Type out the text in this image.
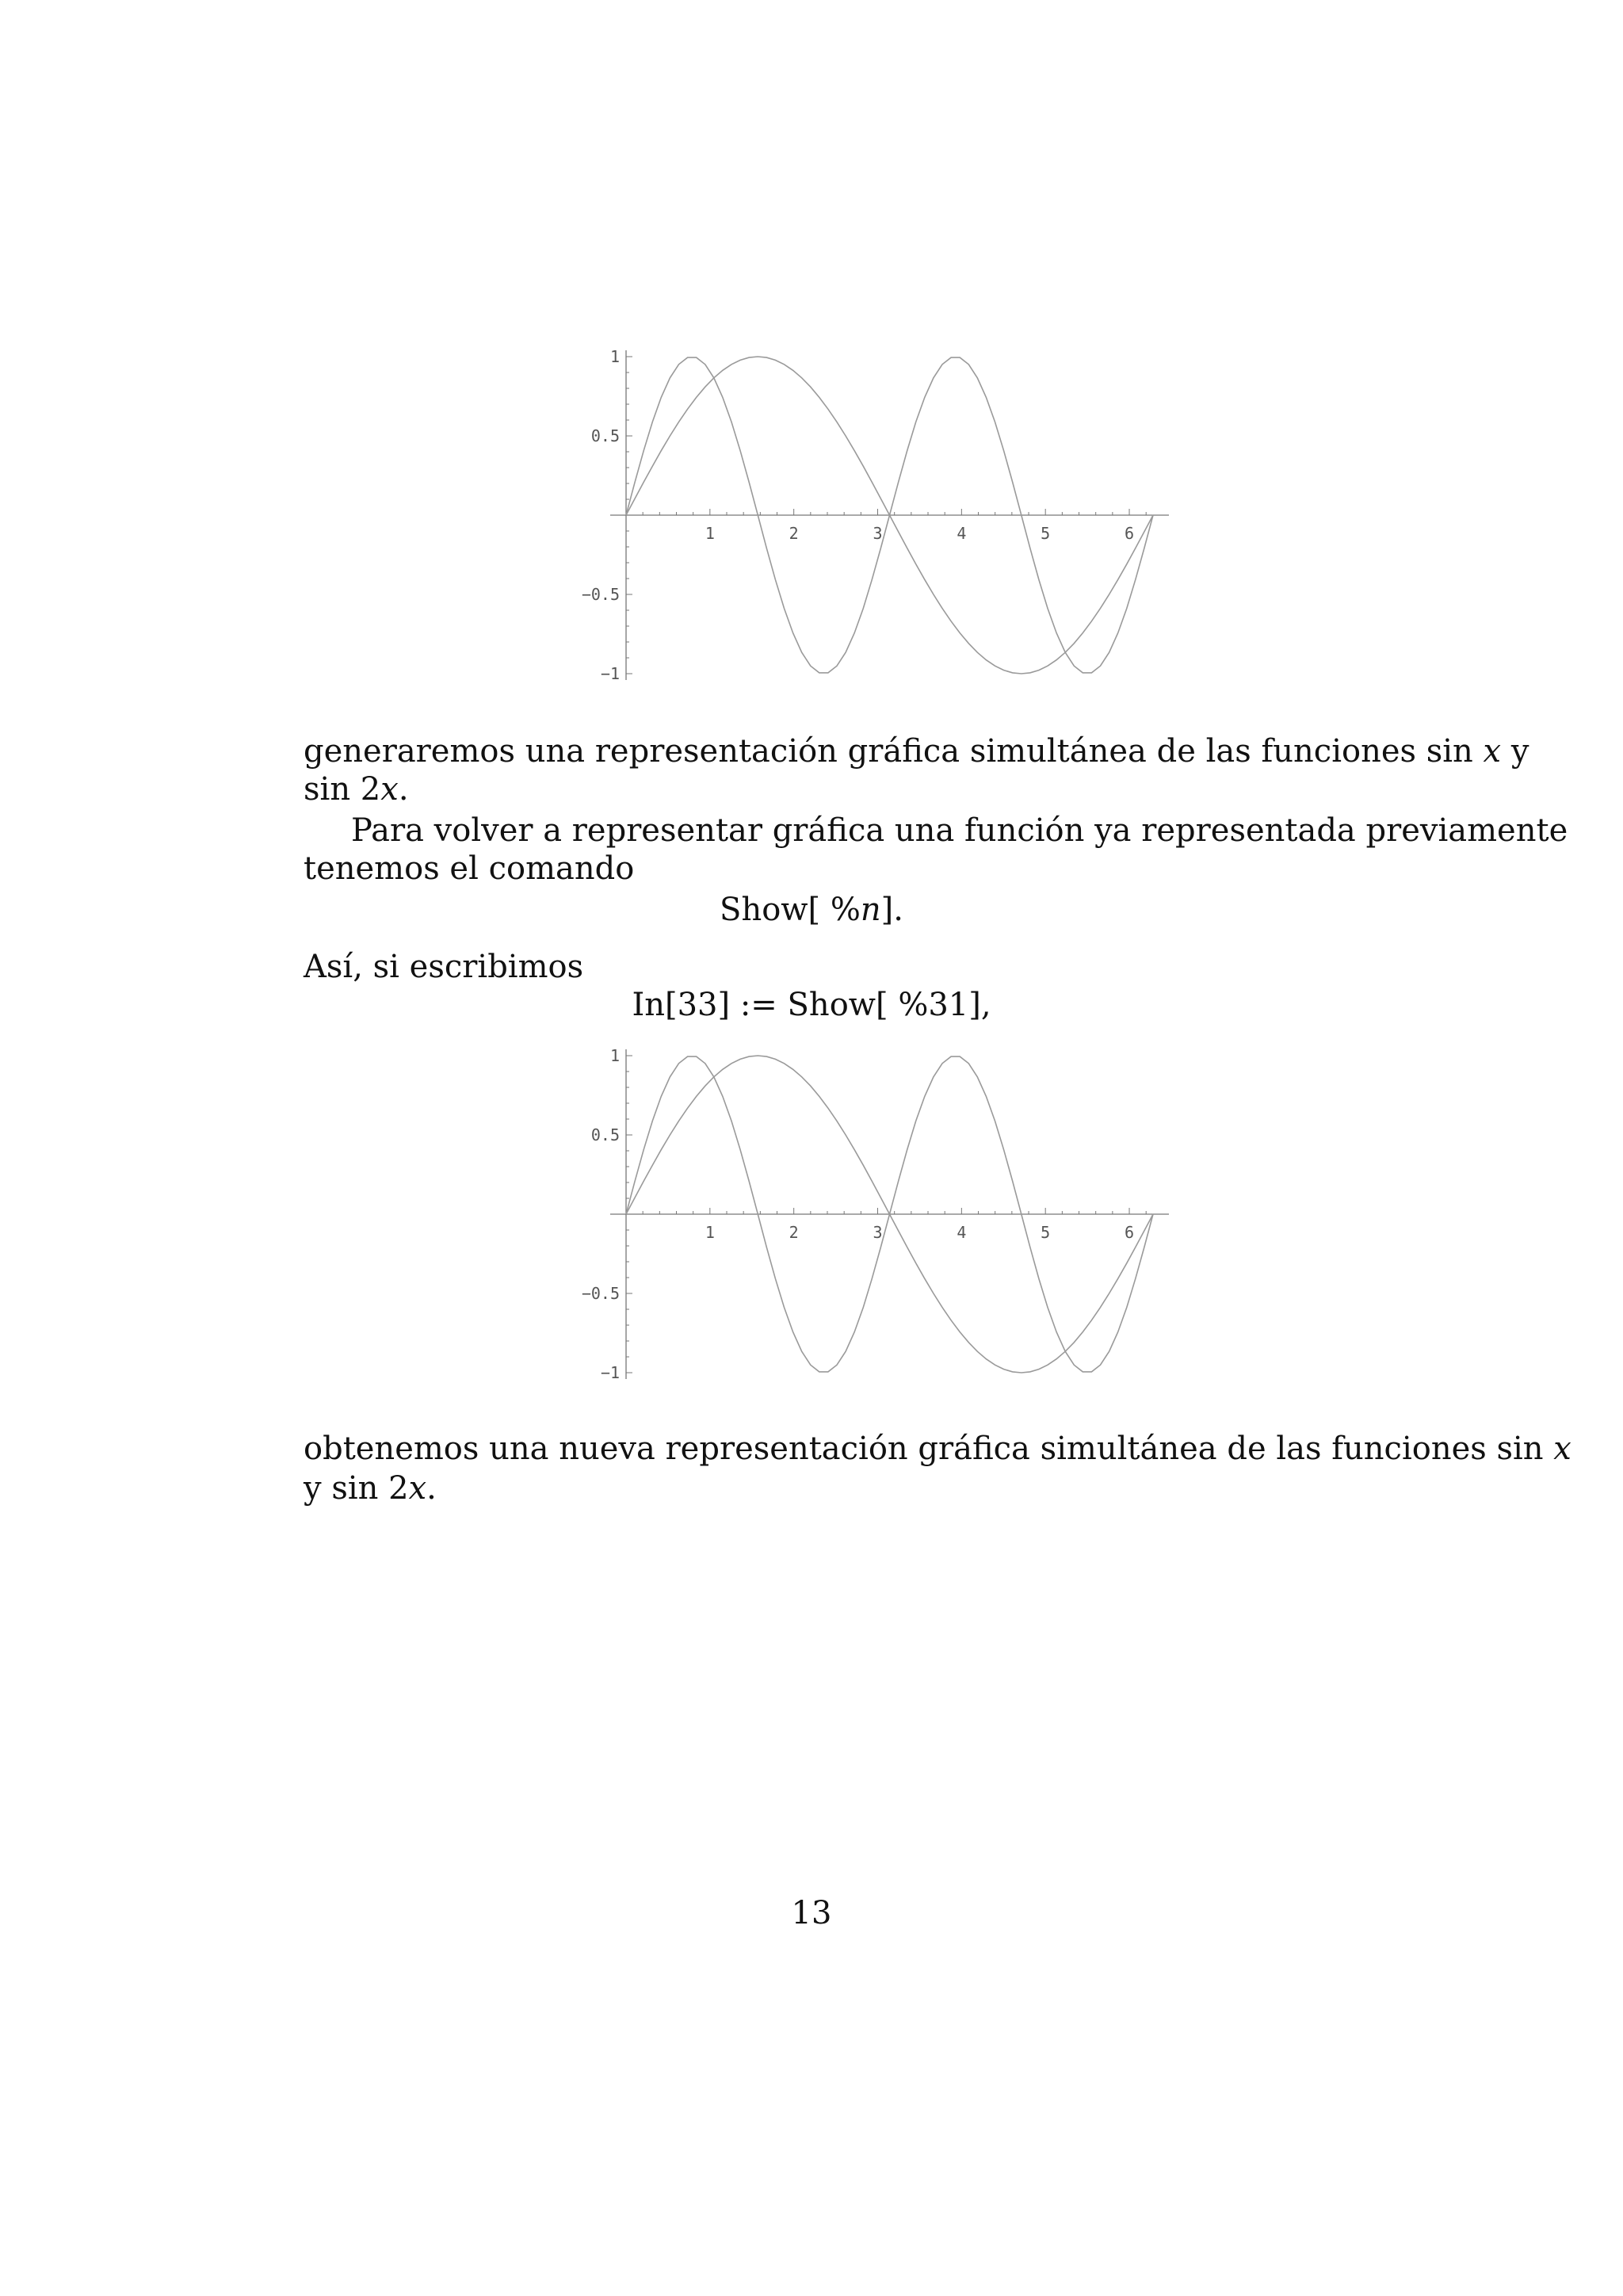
1	2	3	4	5	6
1
0.5
−0.5
−1
generaremos una representación gráfica simultánea de las funciones sin x y
sin 2x.
Para volver a representar gráfica una función ya representada previamente
tenemos el comando
Show[ %n].
Así, si escribimos
In[33] := Show[ %31],
1	2	3	4	5	6
1
0.5
−0.5
−1
obtenemos una nueva representación gráfica simultánea de las funciones sin x
y sin 2x.
13
